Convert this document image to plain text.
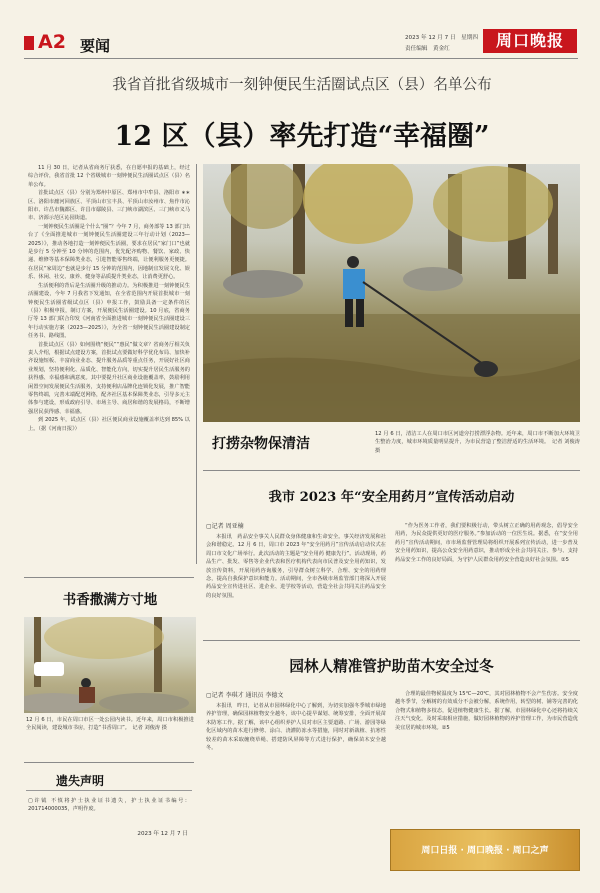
A2 要闻	2023 年 12 月 7 日　星期四
责任编辑　黄金红	周口晚报
我省首批省级城市一刻钟便民生活圈试点区（县）名单公布
12 区（县）率先打造“幸福圈”

11 月 30 日，记者从省商务厅获悉，在自愿申报的基础上，经过综合评价，我省首批 12 个省级城市一刻钟便民生活圈试点区（县）名单公布。

首批试点区（县）分别为郑州中原区、郑州市中牟县、洛阳市 ∗∗ 区、洛阳市瀍河回族区、平顶山市宝丰县、平顶山市汝州市、焦作市沁阳市、许昌市魏都区、许昌市鄢陵县、三门峡市湖滨区、三门峡市义马市、济源示范区沁园街道。

一刻钟便民生活圈是个什么“圈”？今年 7 月，商务部等 13 部门出台了《全面推进城市一刻钟便民生活圈建设三年行动计划（2023—2025）》，推动各地打造一刻钟便民生活圈，要求在居民“家门口”也就是步行 5 分钟至 10 分钟的范围内，优先配齐购物、餐饮、家政、快递、维修等基本保障类业态，引进智能零售终端，让便利服务更便捷。在居民“家周边”也就是步行 15 分钟的范围内，因地制宜发展文化、娱乐、休闲、社交、康养、健身等品质提升类业态，让消费更舒心。

生活便利的背后是生活圈升级的推动力。为积极推进一刻钟便民生活圈建设，今年 7 月我省下发通知，在全省范围内开展首批城市一刻钟便民生活圈省级试点区（县）申报工作，鼓励具备一定条件的区（县）积极申报，制订方案，开展便民生活圈建设。10 月底，省商务厅等 13 部门联合印发《河南省全面推进城市一刻钟便民生活圈建设三年行动实施方案（2023—2025）》，为全省一刻钟便民生活圈建设制定任务书、路线图。

首批试点区（县）如何围绕“便民”“惠民”做文章？省商务厅相关负责人介绍，根据试点建设方案，首批试点要做好科学优化布局、加快补齐设施短板、丰富商业业态、提升服务品质等重点任务，开展好社区商业规划，坚持便利化、品质化、智能化方向，切实提升居民生活服务的获得感、幸福感和满意度。其中要提升社区商业设施覆盖率，鼓励利用闲置空间发展便民生活服务，支持便利店品牌化连锁化发展，推广智能零售终端，完善末端配送网络，配齐社区基本保障类业态，引导多元主体参与建设，形成政府引导、市场主导、商居和谐的发展格局，不断增强居民获得感、幸福感。

到 2025 年，试点区（县）社区便民商业设施覆盖率达到 85% 以上。（据《河南日报》）

打捞杂物保清洁
12 月 6 日，清洁工人在周口市区河道旁打捞漂浮杂物。近年来，周口市不断加大环境卫生整治力度，城市环境质量明显提升，为市民营造了整洁舒适的生活环境。　记者 刘俊涛 摄
我市 2023 年“安全用药月”宣传活动启动
▢记者 周亚楠
本报讯　药品安全事关人民群众身体健康和生命安全。事关经济发展和社会和谐稳定。12 月 6 日，周口市 2023 年“安全用药月”宣传活动启动仪式在周口市文化广场举行。此次活动的主题是“安全用药 健康先行”。活动现场，药品生产、批发、零售等企业代表和医疗机构代表向市民普及安全用药知识，发放宣传资料，开展用药咨询服务，引导群众树立科学、合理、安全的用药理念，提高自我保护意识和能力。活动期间，全市各级市场监管部门将深入开展药品安全宣传进社区、进企业、进学校等活动，营造全社会共同关注药品安全的良好氛围。
“作为医务工作者，我们要积极行动，带头树立正确的用药观念，倡导安全用药，为民众提供更好的医疗服务。”参加活动的一位医生说。据悉，在“安全用药月”宣传活动期间，市市场监督管理局将组织开展系列宣传活动，进一步普及安全用药知识，提高公众安全用药意识，推动形成全社会共同关注、参与、支持药品安全工作的良好局面，为守护人民群众用药安全营造良好社会氛围。②5
园林人精准管护助苗木安全过冬
▢记者 李琪才 通讯员 李德文
本报讯　昨日，记者从市园林绿化中心了解到，为切实加强冬季城市绿地养护管理，确保园林植物安全越冬，该中心提早谋划、统筹安排，全面开展苗木防寒工作。据了解，该中心组织养护人员对市区主要道路、广场、游园等绿化区域内的苗木进行修剪、涂白、浇灌防冻水等措施，同时对新栽植、抗寒性较差的苗木采取缠绕草绳、搭建防风屏障等方式进行保护，确保苗木安全越冬。
合理的最佳物候温度为 15℃—20℃，其对园林植物不会产生伤害。安全度越冬季节，分解树的有效成分不会被分解，系统作用，转型的树、铺等完善的化合物式和植物多枝态，促进植物健康生长。据了解，市园林绿化中心还将持续关注天气变化，及时采取相应措施，做好园林植物的养护管理工作，为市民营造优美宜居的城市环境。②5
周口日报 · 周口晚报 · 周口之声
书香撒满方寸地
12 月 6 日，市民在周口市区一处公园内读书。近年来，周口市积极推进全民阅读，建设城市书房，打造“书香周口”。　记者 刘俊涛 摄
▢许钺 不慎将护士执业证书遗失，护士执业证书编号：201714000035，声明作废。
2023 年 12 月 7 日
遗失声明
